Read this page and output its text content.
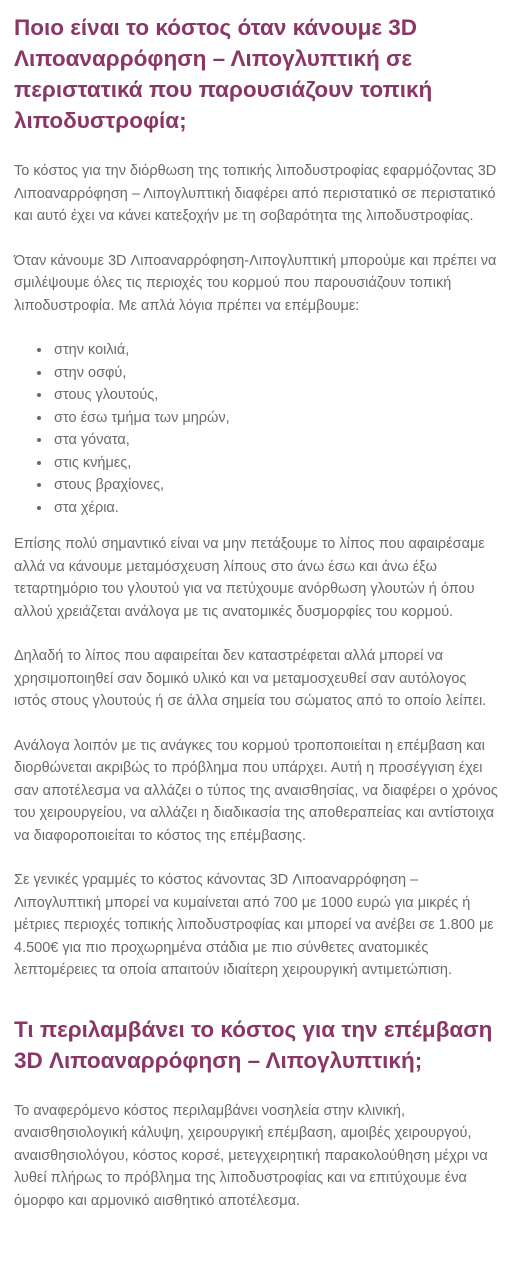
Ποιο είναι το κόστος όταν κάνουμε 3D Λιποαναρρόφηση – Λιπογλυπτική σε περιστατικά που παρουσιάζουν τοπική λιποδυστροφία;

Το κόστος για την διόρθωση της τοπικής λιποδυστροφίας εφαρμόζοντας 3D Λιποαναρρόφηση – Λιπογλυπτική διαφέρει από περιστατικό σε περιστατικό και αυτό έχει να κάνει κατεξοχήν με τη σοβαρότητα της λιποδυστροφίας.

Όταν κάνουμε 3D Λιποαναρρόφηση-Λιπογλυπτική μπορούμε και πρέπει να σμιλέψουμε όλες τις περιοχές του κορμού που παρουσιάζουν τοπική λιποδυστροφία. Με απλά λόγια πρέπει να επέμβουμε:

• στην κοιλιά,
• στην οσφύ,
• στους γλουτούς,
• στο έσω τμήμα των μηρών,
• στα γόνατα,
• στις κνήμες,
• στους βραχίονες,
• στα χέρια.

Επίσης πολύ σημαντικό είναι να μην πετάξουμε το λίπος που αφαιρέσαμε αλλά να κάνουμε μεταμόσχευση λίπους στο άνω έσω και άνω έξω τεταρτημόριο του γλουτού για να πετύχουμε ανόρθωση γλουτών ή όπου αλλού χρειάζεται ανάλογα με τις ανατομικές δυσμορφίες του κορμού.

Δηλαδή το λίπος που αφαιρείται δεν καταστρέφεται αλλά μπορεί να χρησιμοποιηθεί σαν δομικό υλικό και να μεταμοσχευθεί σαν αυτόλογος ιστός στους γλουτούς ή σε άλλα σημεία του σώματος από το οποίο λείπει.

Ανάλογα λοιπόν με τις ανάγκες του κορμού τροποποιείται η επέμβαση και διορθώνεται ακριβώς το πρόβλημα που υπάρχει. Αυτή η προσέγγιση έχει σαν αποτέλεσμα να αλλάζει ο τύπος της αναισθησίας, να διαφέρει ο χρόνος του χειρουργείου, να αλλάζει η διαδικασία της αποθεραπείας και αντίστοιχα να διαφοροποιείται το κόστος της επέμβασης.

Σε γενικές γραμμές το κόστος κάνοντας 3D Λιποαναρρόφηση – Λιπογλυπτική μπορεί να κυμαίνεται από 700 με 1000 ευρώ για μικρές ή μέτριες περιοχές τοπικής λιποδυστροφίας και μπορεί να ανέβει σε 1.800 με 4.500€ για πιο προχωρημένα στάδια με πιο σύνθετες ανατομικές λεπτομέρειες τα οποία απαιτούν ιδιαίτερη χειρουργική αντιμετώπιση.

Τι περιλαμβάνει το κόστος για την επέμβαση 3D Λιποαναρρόφηση – Λιπογλυπτική;

Το αναφερόμενο κόστος περιλαμβάνει νοσηλεία στην κλινική, αναισθησιολογική κάλυψη, χειρουργική επέμβαση, αμοιβές χειρουργού, αναισθησιολόγου, κόστος κορσέ, μετεγχειρητική παρακολούθηση μέχρι να λυθεί πλήρως το πρόβλημα της λιποδυστροφίας και να επιτύχουμε ένα όμορφο και αρμονικό αισθητικό αποτέλεσμα.
